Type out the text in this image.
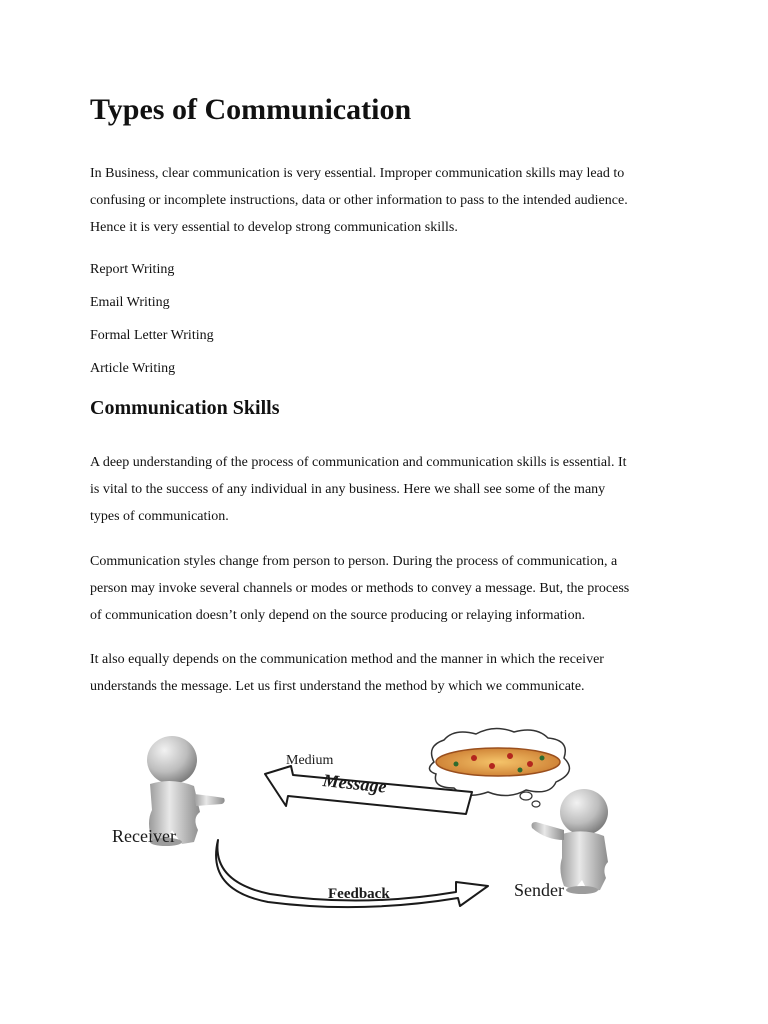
Types of Communication

In Business, clear communication is very essential. Improper communication skills may lead to
confusing or incomplete instructions, data or other information to pass to the intended audience.
Hence it is very essential to develop strong communication skills.

Report Writing

Email Writing

Formal Letter Writing

Article Writing

Communication Skills

A deep understanding of the process of communication and communication skills is essential. It
is vital to the success of any individual in any business. Here we shall see some of the many
types of communication.

Communication styles change from person to person. During the process of communication, a
person may invoke several channels or modes or methods to convey a message. But, the process
of communication doesn’t only depend on the source producing or relaying information.

It also equally depends on the communication method and the manner in which the receiver
understands the message. Let us first understand the method by which we communicate.

Receiver
Sender
Medium
Message
Feedback
